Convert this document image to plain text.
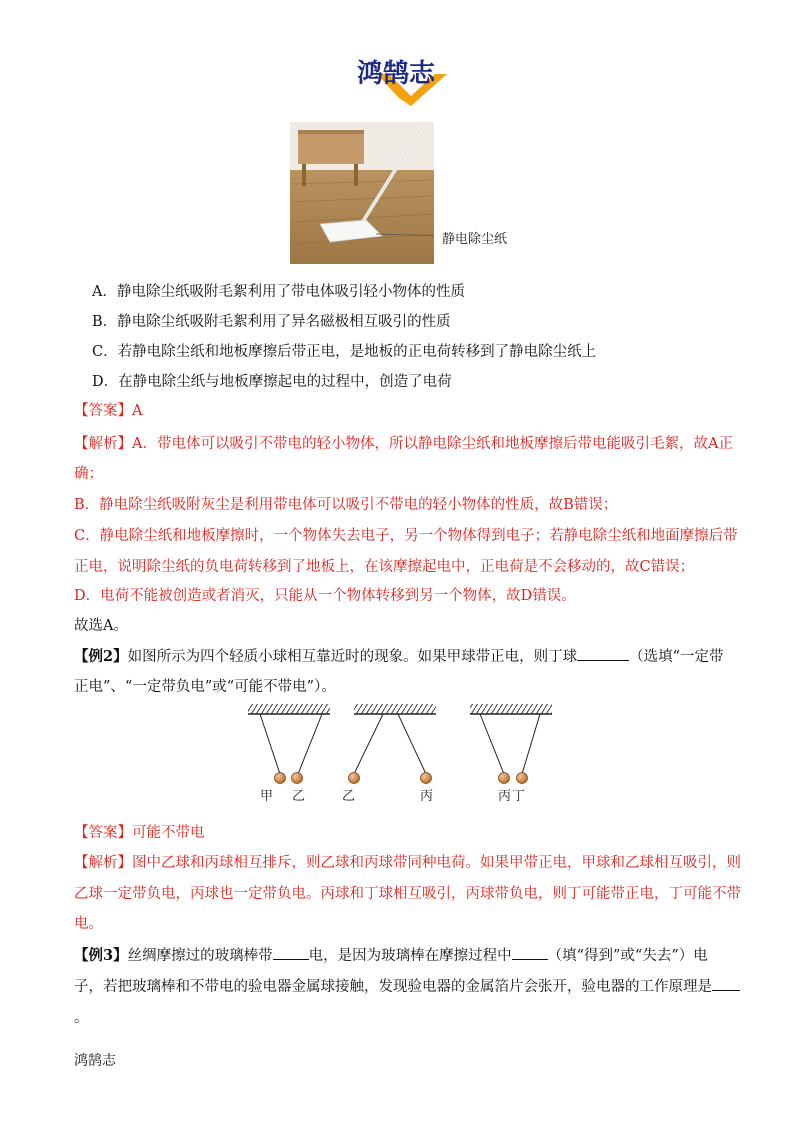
鸿鹄志
静电除尘纸
A．静电除尘纸吸附毛絮利用了带电体吸引轻小物体的性质
B．静电除尘纸吸附毛絮利用了异名磁极相互吸引的性质
C．若静电除尘纸和地板摩擦后带正电，是地板的正电荷转移到了静电除尘纸上
D．在静电除尘纸与地板摩擦起电的过程中，创造了电荷
【答案】A
【解析】A．带电体可以吸引不带电的轻小物体，所以静电除尘纸和地板摩擦后带电能吸引毛絮，故A正
确；
B．静电除尘纸吸附灰尘是利用带电体可以吸引不带电的轻小物体的性质，故B错误；
C．静电除尘纸和地板摩擦时，一个物体失去电子，另一个物体得到电子；若静电除尘纸和地面摩擦后带
正电，说明除尘纸的负电荷转移到了地板上，在该摩擦起电中，正电荷是不会移动的，故C错误；
D．电荷不能被创造或者消灭，只能从一个物体转移到另一个物体，故D错误。
故选A。
【例2】如图所示为四个轻质小球相互靠近时的现象。如果甲球带正电，则丁球	（选填“一定带
正电”、“一定带负电”或“可能不带电”）。
甲 乙	乙	丙	丙 丁
【答案】可能不带电
【解析】图中乙球和丙球相互排斥，则乙球和丙球带同种电荷。如果甲带正电，甲球和乙球相互吸引，则
乙球一定带负电，丙球也一定带负电。丙球和丁球相互吸引，丙球带负电，则丁可能带正电，丁可能不带
电。
【例3】丝绸摩擦过的玻璃棒带 电，是因为玻璃棒在摩擦过程中 （填“得到”或“失去”）电
子，若把玻璃棒和不带电的验电器金属球接触，发现验电器的金属箔片会张开，验电器的工作原理是
。
鸿鹄志
